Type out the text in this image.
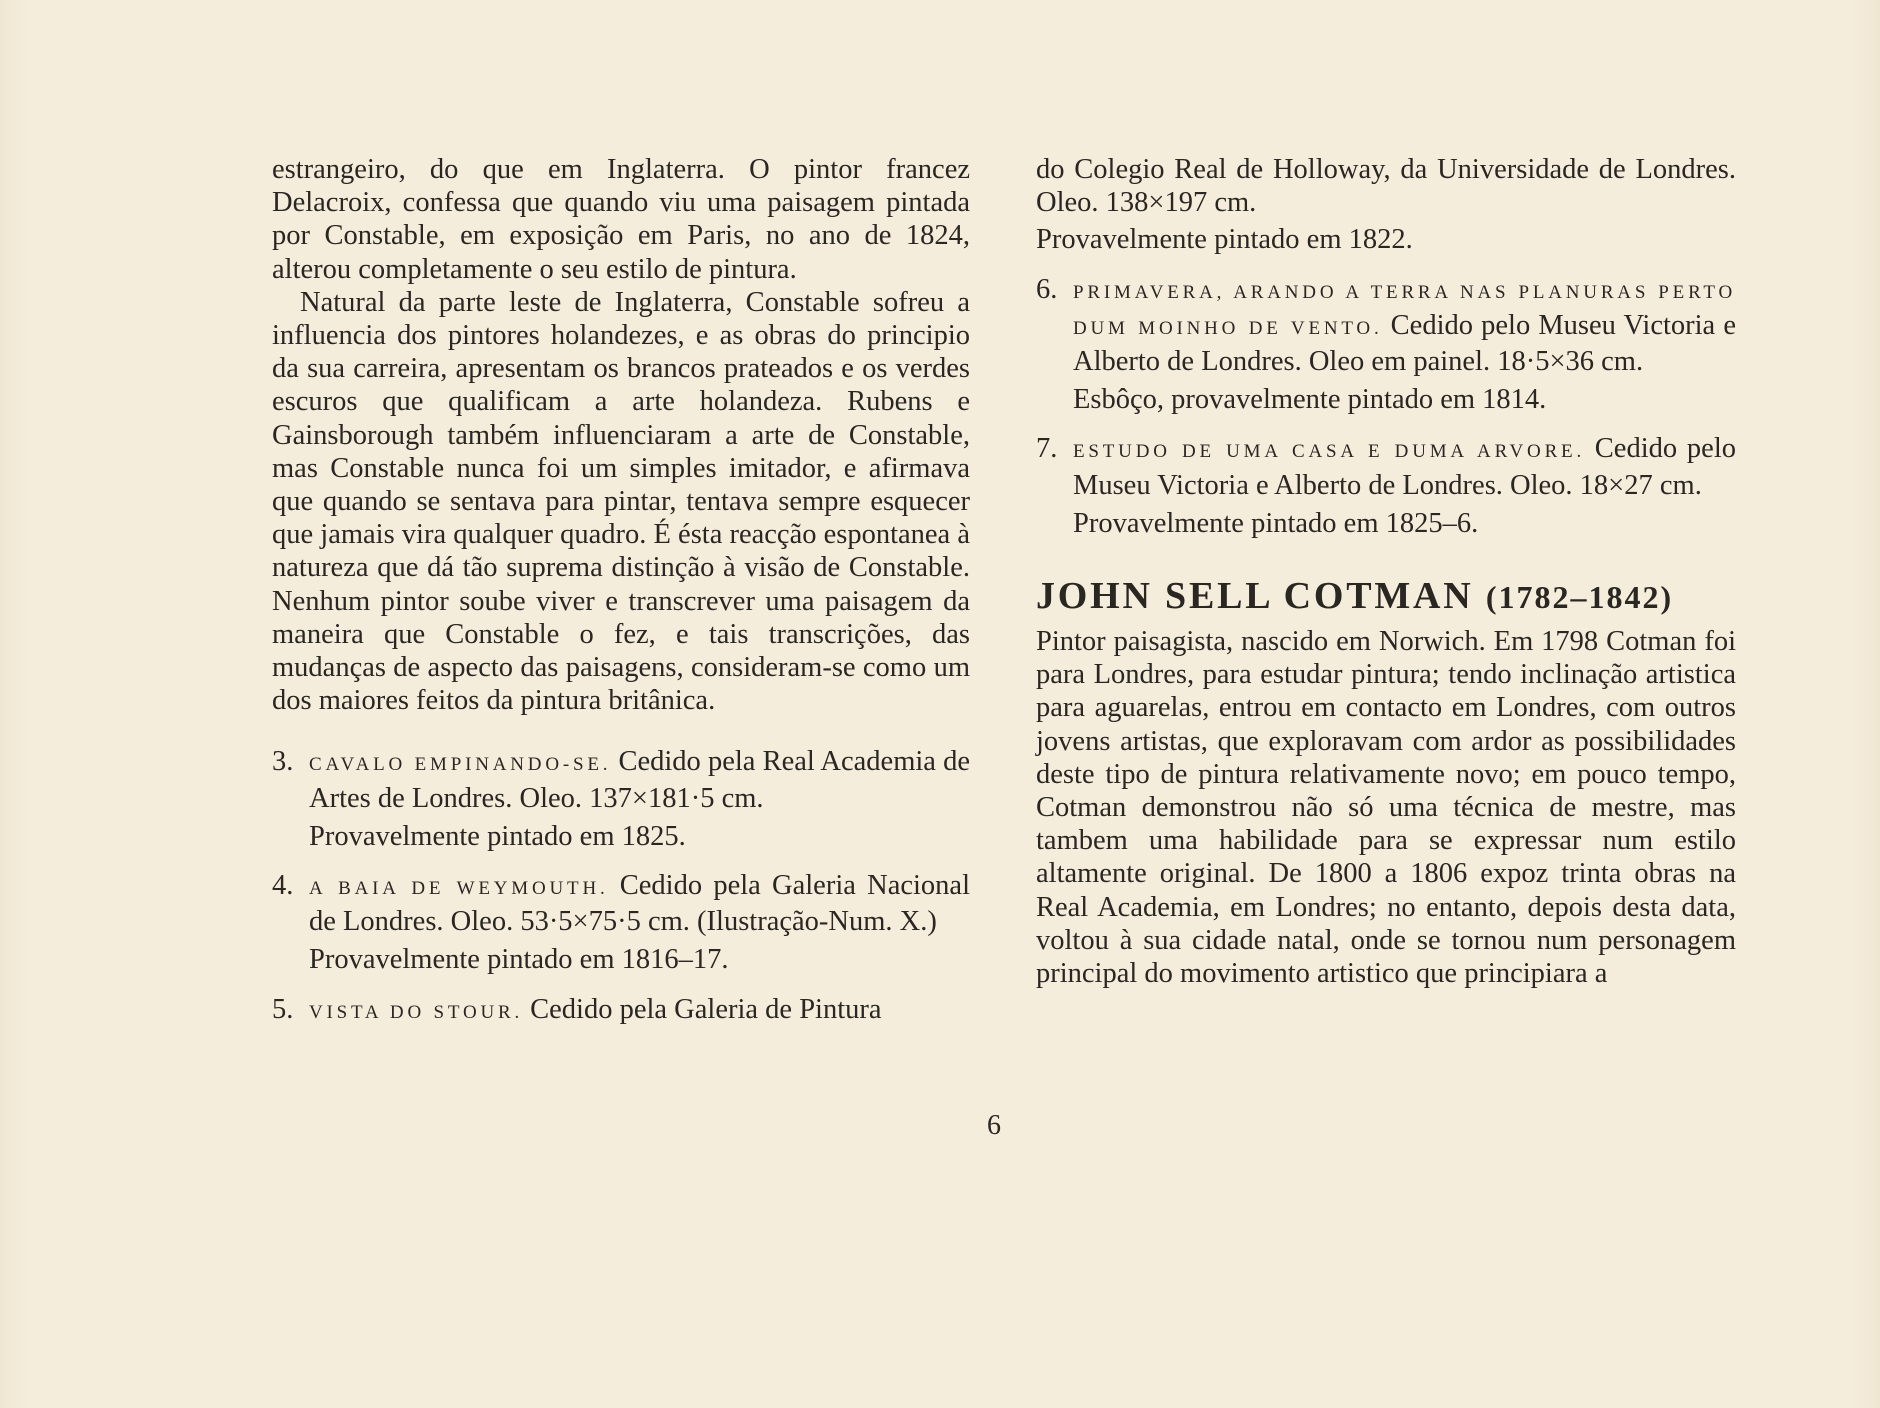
estrangeiro, do que em Inglaterra. O pintor francez Delacroix, confessa que quando viu uma paisagem pintada por Constable, em exposição em Paris, no ano de 1824, alterou completamente o seu estilo de pintura.

Natural da parte leste de Inglaterra, Constable sofreu a influencia dos pintores holandezes, e as obras do principio da sua carreira, apresentam os brancos prateados e os verdes escuros que qualificam a arte holandeza. Rubens e Gainsborough também influenciaram a arte de Constable, mas Constable nunca foi um simples imitador, e afirmava que quando se sentava para pintar, tentava sempre esquecer que jamais vira qualquer quadro. É ésta reacção espontanea à natureza que dá tão suprema distinção à visão de Constable. Nenhum pintor soube viver e transcrever uma paisagem da maneira que Constable o fez, e tais transcrições, das mudanças de aspecto das paisagens, consideram-se como um dos maiores feitos da pintura britânica.

3. CAVALO EMPINANDO-SE. Cedido pela Real Academia de Artes de Londres. Oleo. 137×181·5 cm.
Provavelmente pintado em 1825.

4. A BAIA DE WEYMOUTH. Cedido pela Galeria Nacional de Londres. Oleo. 53·5×75·5 cm. (Ilustração-Num. X.)
Provavelmente pintado em 1816–17.

5. VISTA DO STOUR. Cedido pela Galeria de Pintura

do Colegio Real de Holloway, da Universidade de Londres. Oleo. 138×197 cm.
Provavelmente pintado em 1822.

6. PRIMAVERA, ARANDO A TERRA NAS PLANURAS PERTO DUM MOINHO DE VENTO. Cedido pelo Museu Victoria e Alberto de Londres. Oleo em painel. 18·5×36 cm.
Esbôço, provavelmente pintado em 1814.

7. ESTUDO DE UMA CASA E DUMA ARVORE. Cedido pelo Museu Victoria e Alberto de Londres. Oleo. 18×27 cm.
Provavelmente pintado em 1825–6.

JOHN SELL COTMAN (1782–1842)

Pintor paisagista, nascido em Norwich. Em 1798 Cotman foi para Londres, para estudar pintura; tendo inclinação artistica para aguarelas, entrou em contacto em Londres, com outros jovens artistas, que exploravam com ardor as possibilidades deste tipo de pintura relativamente novo; em pouco tempo, Cotman demonstrou não só uma técnica de mestre, mas tambem uma habilidade para se expressar num estilo altamente original. De 1800 a 1806 expoz trinta obras na Real Academia, em Londres; no entanto, depois desta data, voltou à sua cidade natal, onde se tornou num personagem principal do movimento artistico que principiara a

6
